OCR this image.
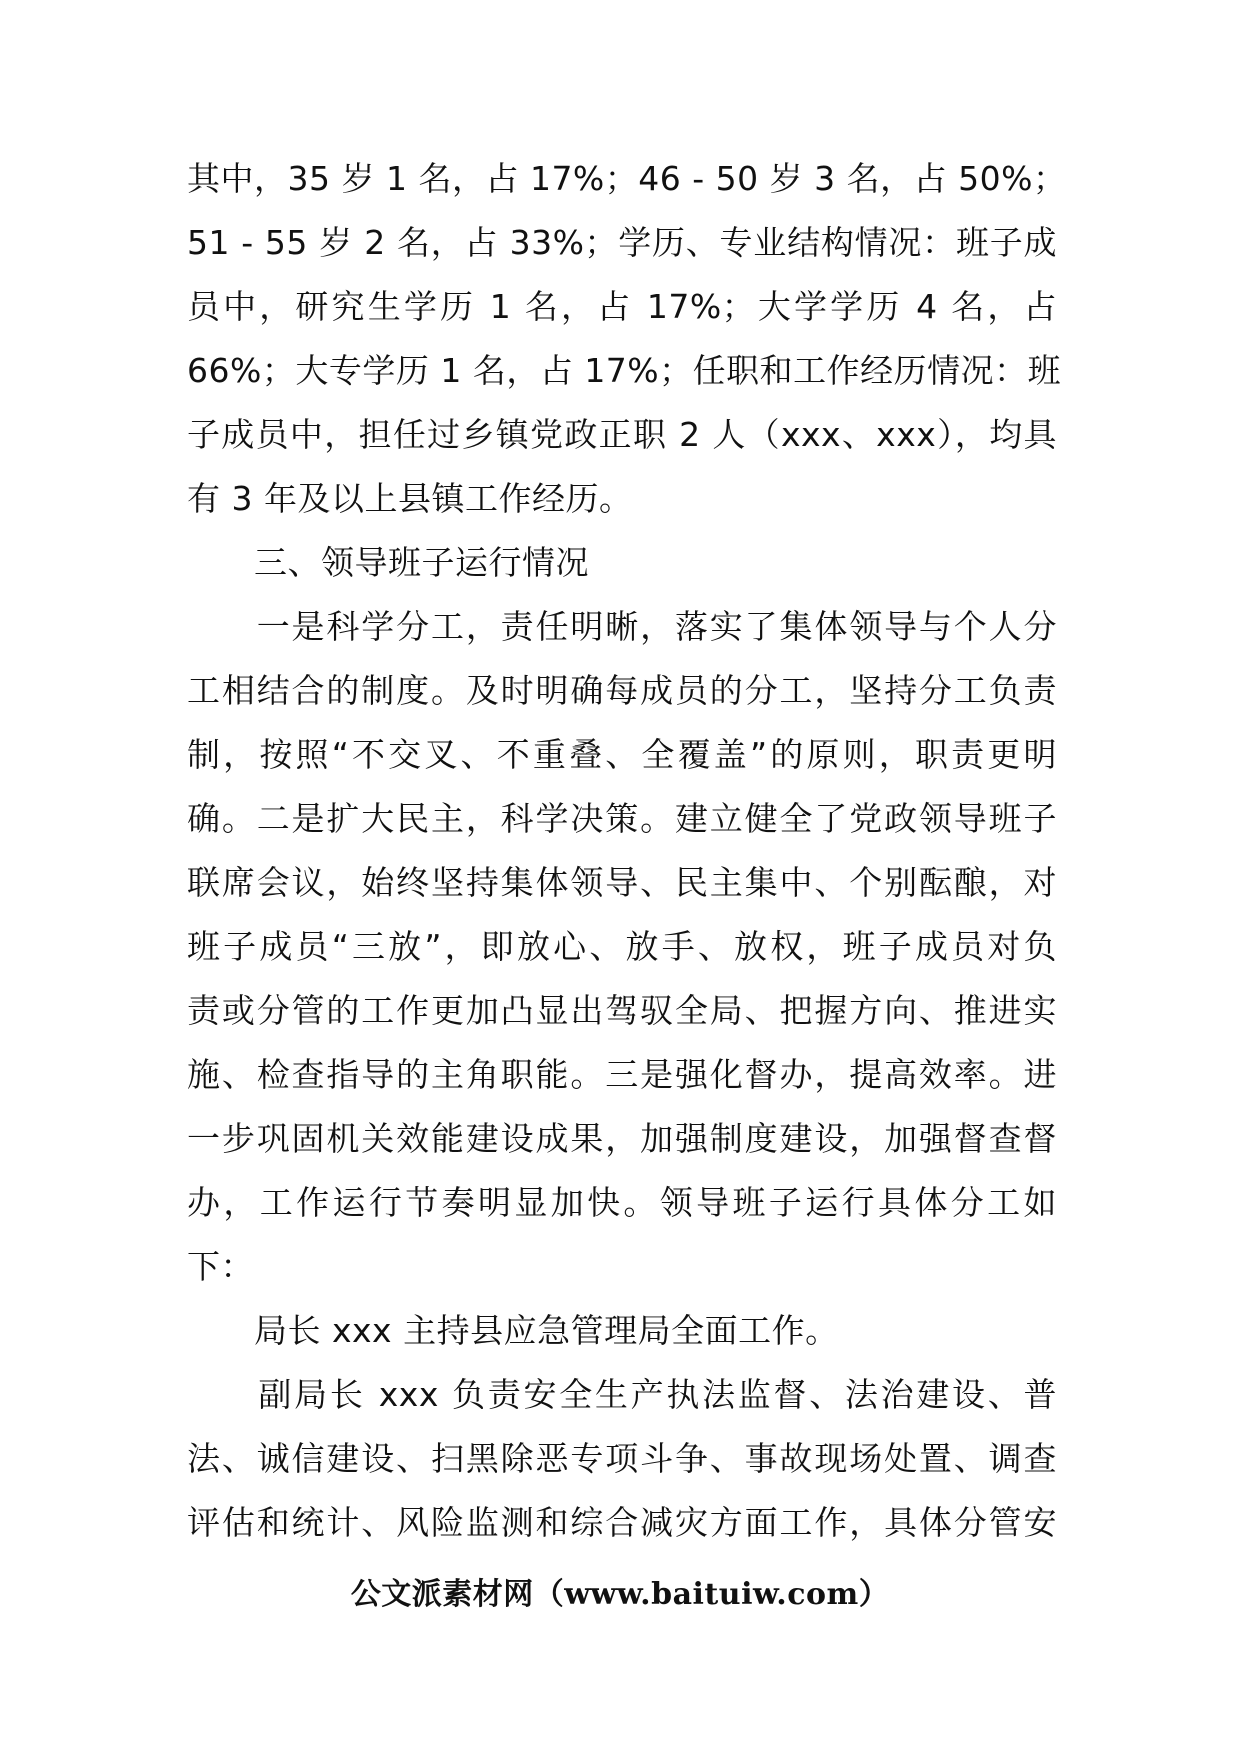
其中，35 岁 1 名，占 17%；46 - 50 岁 3 名，占 50%；
51 - 55 岁 2 名，占 33%；学历、专业结构情况：班子成
员中，研究生学历 1 名，占 17%；大学学历 4 名，占
66%；大专学历 1 名，占 17%；任职和工作经历情况：班
子成员中，担任过乡镇党政正职 2 人（xxx、xxx），均具
有 3 年及以上县镇工作经历。
　　三、领导班子运行情况
　　一是科学分工，责任明晰，落实了集体领导与个人分
工相结合的制度。及时明确每成员的分工，坚持分工负责
制，按照“不交叉、不重叠、全覆盖”的原则，职责更明
确。二是扩大民主，科学决策。建立健全了党政领导班子
联席会议，始终坚持集体领导、民主集中、个别酝酿，对
班子成员“三放”，即放心、放手、放权，班子成员对负
责或分管的工作更加凸显出驾驭全局、把握方向、推进实
施、检查指导的主角职能。三是强化督办，提高效率。进
一步巩固机关效能建设成果，加强制度建设，加强督查督
办，工作运行节奏明显加快。领导班子运行具体分工如
下：
　　局长 xxx 主持县应急管理局全面工作。
　　副局长 xxx 负责安全生产执法监督、法治建设、普
法、诚信建设、扫黑除恶专项斗争、事故现场处置、调查
评估和统计、风险监测和综合减灾方面工作，具体分管安
公文派素材网（www.baituiw.com）
